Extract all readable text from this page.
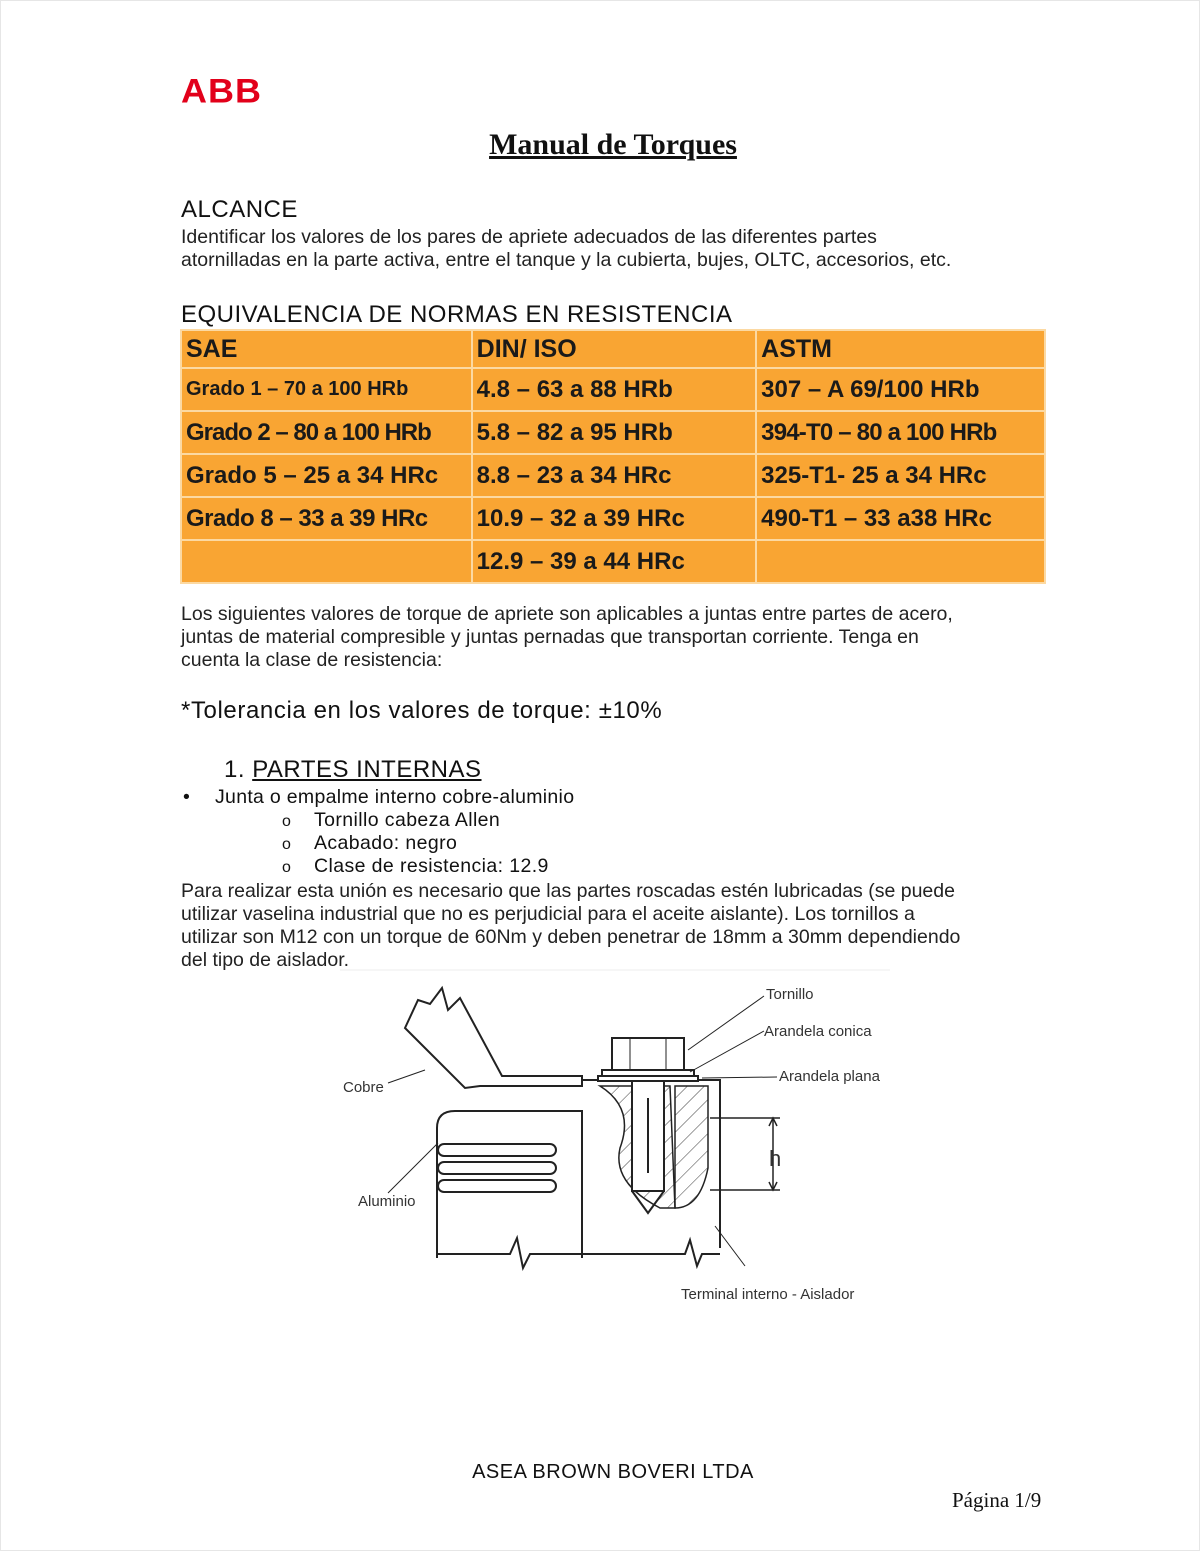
ABB
Manual de Torques
ALCANCE
Identificar los valores de los pares de apriete adecuados de las diferentes partes
atornilladas en la parte activa, entre el tanque y la cubierta, bujes, OLTC, accesorios, etc.
EQUIVALENCIA DE NORMAS EN RESISTENCIA
SAE	DIN/ ISO	ASTM
Grado 1 – 70 a 100 HRb	4.8 – 63 a 88 HRb	307 – A 69/100 HRb
Grado 2 – 80 a 100 HRb	5.8 – 82 a 95 HRb	394-T0 – 80 a 100 HRb
Grado 5 – 25 a 34 HRc	8.8 – 23 a 34 HRc	325-T1- 25 a 34 HRc
Grado 8 – 33 a 39 HRc	10.9 – 32 a 39 HRc	490-T1 – 33 a38 HRc
	12.9 – 39 a 44 HRc	
Los siguientes valores de torque de apriete son aplicables a juntas entre partes de acero,
juntas de material compresible y juntas pernadas que transportan corriente. Tenga en
cuenta la clase de resistencia:
*Tolerancia en los valores de torque: ±10%
1. PARTES INTERNAS
• Junta o empalme interno cobre-aluminio
o Tornillo cabeza Allen
o Acabado: negro
o Clase de resistencia: 12.9
Para realizar esta unión es necesario que las partes roscadas estén lubricadas (se puede
utilizar vaselina industrial que no es perjudicial para el aceite aislante). Los tornillos a
utilizar son M12 con un torque de 60Nm y deben penetrar de 18mm a 30mm dependiendo
del tipo de aislador.
h
Tornillo
Arandela conica
Arandela plana
Cobre
Aluminio
Terminal interno - Aislador
ASEA BROWN BOVERI LTDA
Página 1/9
